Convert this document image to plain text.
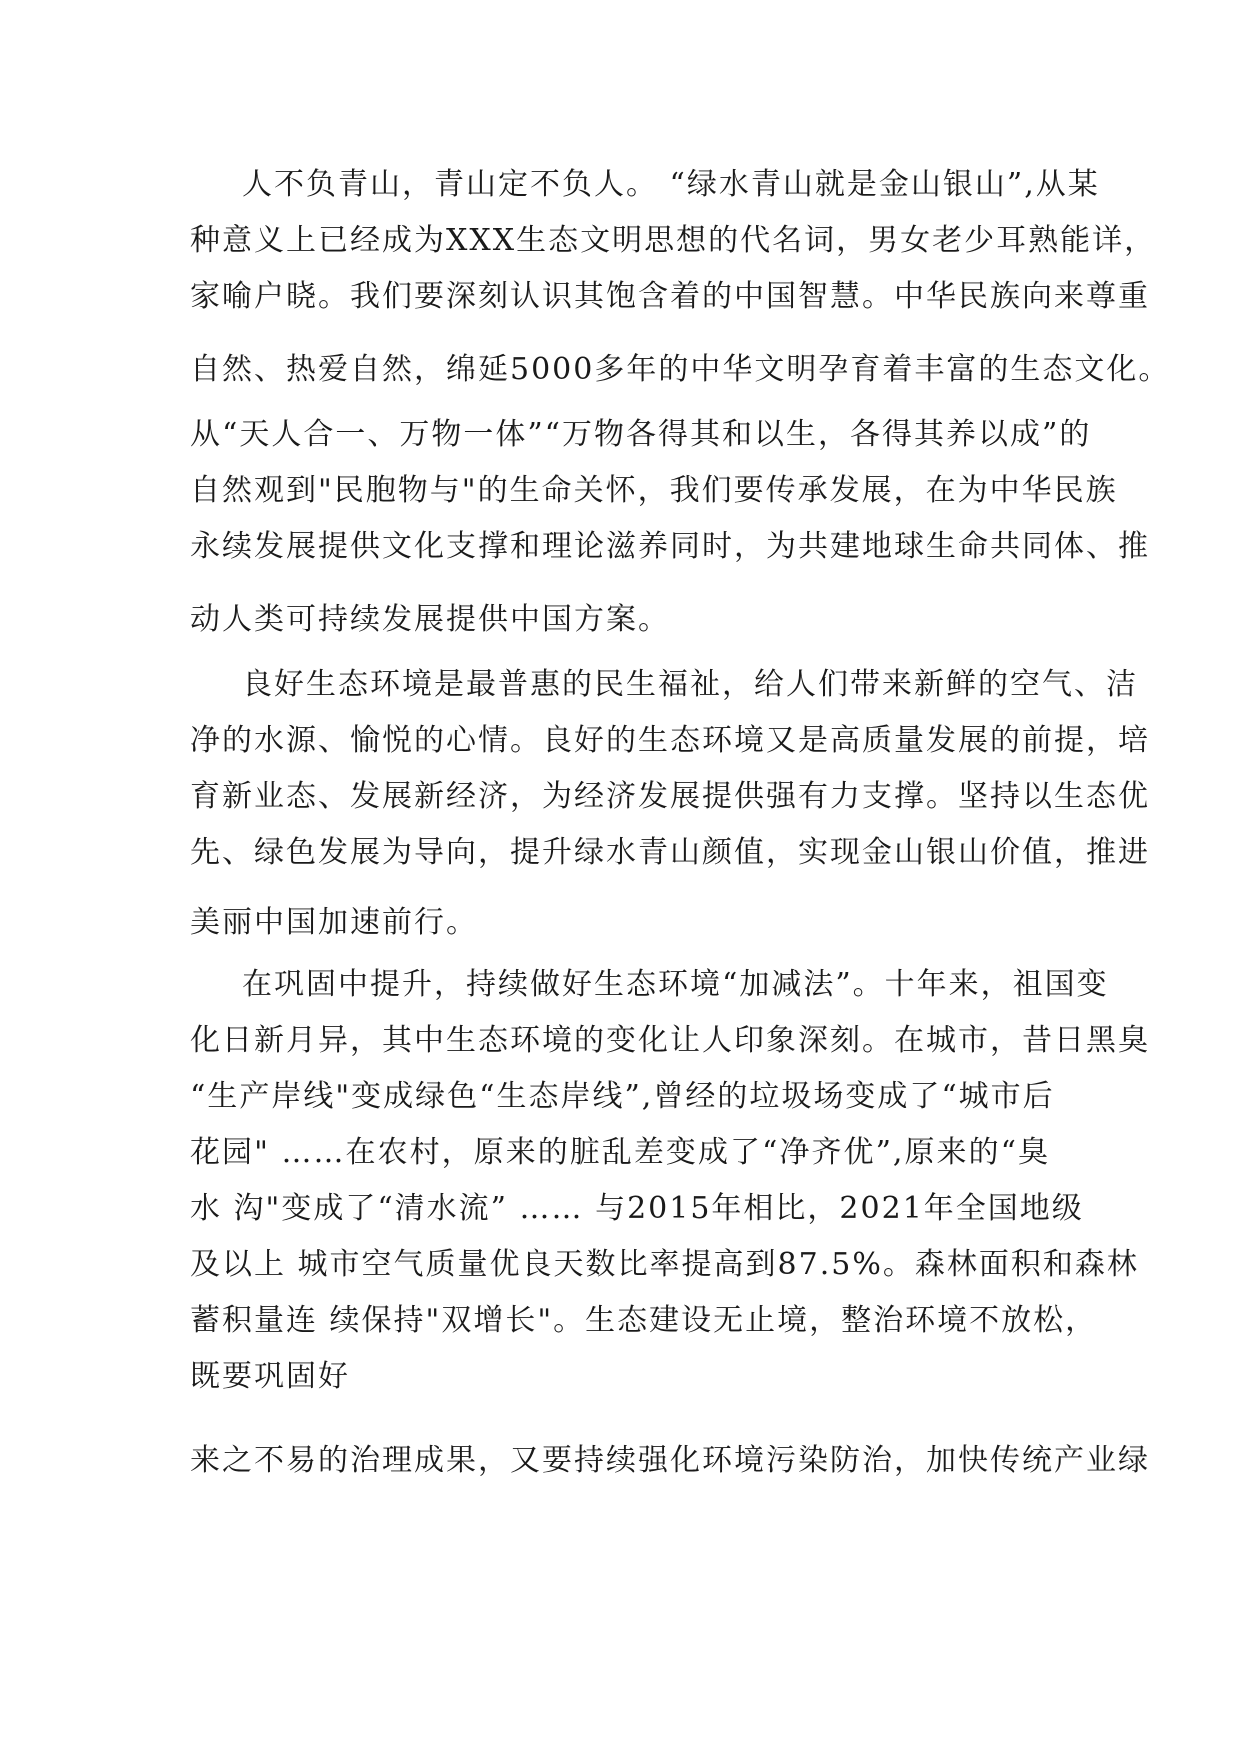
人不负青山，青山定不负人。 “绿水青山就是金山银山”,从某
种意义上已经成为XXX生态文明思想的代名词，男女老少耳熟能详，
家喻户晓。我们要深刻认识其饱含着的中国智慧。中华民族向来尊重
自然、热爱自然，绵延5000多年的中华文明孕育着丰富的生态文化。
从“天人合一、万物一体”“万物各得其和以生，各得其养以成”的
自然观到"民胞物与"的生命关怀，我们要传承发展，在为中华民族
永续发展提供文化支撑和理论滋养同时，为共建地球生命共同体、推
动人类可持续发展提供中国方案。
良好生态环境是最普惠的民生福祉，给人们带来新鲜的空气、洁
净的水源、愉悦的心情。良好的生态环境又是高质量发展的前提，培
育新业态、发展新经济，为经济发展提供强有力支撑。坚持以生态优
先、绿色发展为导向，提升绿水青山颜值，实现金山银山价值，推进
美丽中国加速前行。
在巩固中提升，持续做好生态环境“加减法”。十年来，祖国变
化日新月异，其中生态环境的变化让人印象深刻。在城市，昔日黑臭
“生产岸线"变成绿色“生态岸线”,曾经的垃圾场变成了“城市后
花园" ……在农村，原来的脏乱差变成了“净齐优”,原来的“臭
水 沟"变成了“清水流” …… 与2015年相比，2021年全国地级
及以上 城市空气质量优良天数比率提高到87.5%。森林面积和森林
蓄积量连 续保持"双增长"。生态建设无止境，整治环境不放松，
既要巩固好
来之不易的治理成果，又要持续强化环境污染防治，加快传统产业绿
